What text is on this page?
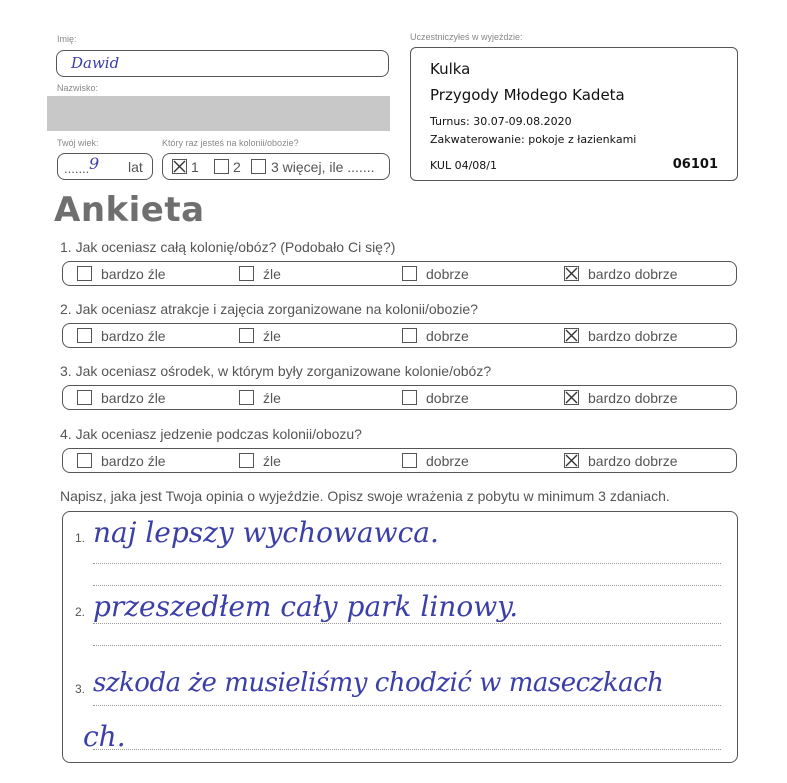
Imię:
Dawid
Nazwisko:
Twój wiek:
....... 9 lat
Który raz jesteś na kolonii/obozie?
1 2 3 więcej, ile .......
Uczestniczyłeś w wyjeździe:
Kulka
Przygody Młodego Kadeta
Turnus: 30.07-09.08.2020
Zakwaterowanie: pokoje z łazienkami
KUL 04/08/1	06101
Ankieta
1. Jak oceniasz całą kolonię/obóz? (Podobało Ci się?)
bardzo źle	źle	dobrze	bardzo dobrze
2. Jak oceniasz atrakcje i zajęcia zorganizowane na kolonii/obozie?
bardzo źle	źle	dobrze	bardzo dobrze
3. Jak oceniasz ośrodek, w którym były zorganizowane kolonie/obóz?
bardzo źle	źle	dobrze	bardzo dobrze
4. Jak oceniasz jedzenie podczas kolonii/obozu?
bardzo źle	źle	dobrze	bardzo dobrze
Napisz, jaka jest Twoja opinia o wyjeździe. Opisz swoje wrażenia z pobytu w minimum 3 zdaniach.
1. naj lepszy wychowawca.
2. przeszedłem cały park linowy.
3. szkoda że musieliśmy chodzić w maseczkach
ch.
